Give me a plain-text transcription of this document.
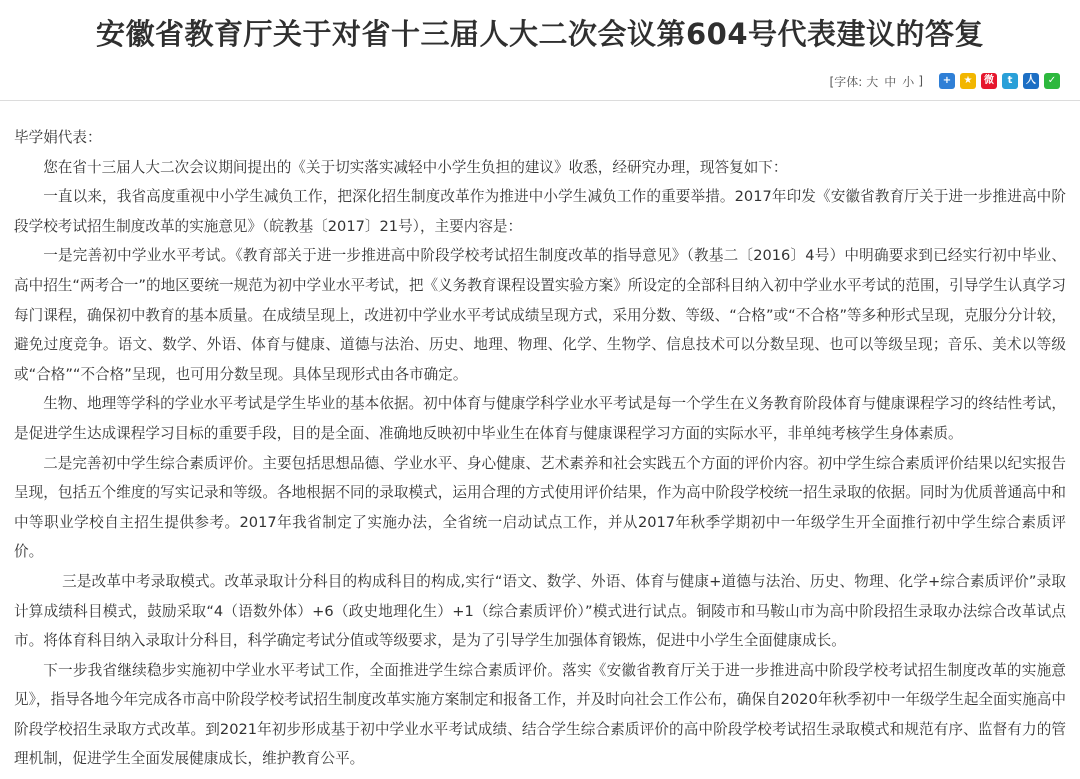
安徽省教育厅关于对省十三届人大二次会议第604号代表建议的答复
[字体: 大 中 小 ]	+	★	微	t	人	✓

毕学娟代表：

您在省十三届人大二次会议期间提出的《关于切实落实减轻中小学生负担的建议》收悉，经研究办理，现答复如下：

一直以来，我省高度重视中小学生减负工作，把深化招生制度改革作为推进中小学生减负工作的重要举措。2017年印发《安徽省教育厅关于进一步推进高中阶段学校考试招生制度改革的实施意见》（皖教基〔2017〕21号），主要内容是：

一是完善初中学业水平考试。《教育部关于进一步推进高中阶段学校考试招生制度改革的指导意见》（教基二〔2016〕4号）中明确要求到已经实行初中毕业、高中招生“两考合一”的地区要统一规范为初中学业水平考试，把《义务教育课程设置实验方案》所设定的全部科目纳入初中学业水平考试的范围，引导学生认真学习每门课程，确保初中教育的基本质量。在成绩呈现上，改进初中学业水平考试成绩呈现方式，采用分数、等级、“合格”或“不合格”等多种形式呈现，克服分分计较，避免过度竞争。语文、数学、外语、体育与健康、道德与法治、历史、地理、物理、化学、生物学、信息技术可以分数呈现、也可以等级呈现；音乐、美术以等级或“合格”“不合格”呈现，也可用分数呈现。具体呈现形式由各市确定。

生物、地理等学科的学业水平考试是学生毕业的基本依据。初中体育与健康学科学业水平考试是每一个学生在义务教育阶段体育与健康课程学习的终结性考试，是促进学生达成课程学习目标的重要手段，目的是全面、准确地反映初中毕业生在体育与健康课程学习方面的实际水平，非单纯考核学生身体素质。

二是完善初中学生综合素质评价。主要包括思想品德、学业水平、身心健康、艺术素养和社会实践五个方面的评价内容。初中学生综合素质评价结果以纪实报告呈现，包括五个维度的写实记录和等级。各地根据不同的录取模式，运用合理的方式使用评价结果，作为高中阶段学校统一招生录取的依据。同时为优质普通高中和中等职业学校自主招生提供参考。2017年我省制定了实施办法，全省统一启动试点工作，并从2017年秋季学期初中一年级学生开全面推行初中学生综合素质评价。

三是改革中考录取模式。改革录取计分科目的构成科目的构成,实行“语文、数学、外语、体育与健康+道德与法治、历史、物理、化学+综合素质评价”录取计算成绩科目模式，鼓励采取“4（语数外体）+6（政史地理化生）+1（综合素质评价）”模式进行试点。铜陵市和马鞍山市为高中阶段招生录取办法综合改革试点市。将体育科目纳入录取计分科目，科学确定考试分值或等级要求，是为了引导学生加强体育锻炼，促进中小学生全面健康成长。

下一步我省继续稳步实施初中学业水平考试工作，全面推进学生综合素质评价。落实《安徽省教育厅关于进一步推进高中阶段学校考试招生制度改革的实施意见》，指导各地今年完成各市高中阶段学校考试招生制度改革实施方案制定和报备工作，并及时向社会工作公布，确保自2020年秋季初中一年级学生起全面实施高中阶段学校招生录取方式改革。到2021年初步形成基于初中学业水平考试成绩、结合学生综合素质评价的高中阶段学校考试招生录取模式和规范有序、监督有力的管理机制，促进学生全面发展健康成长，维护教育公平。
